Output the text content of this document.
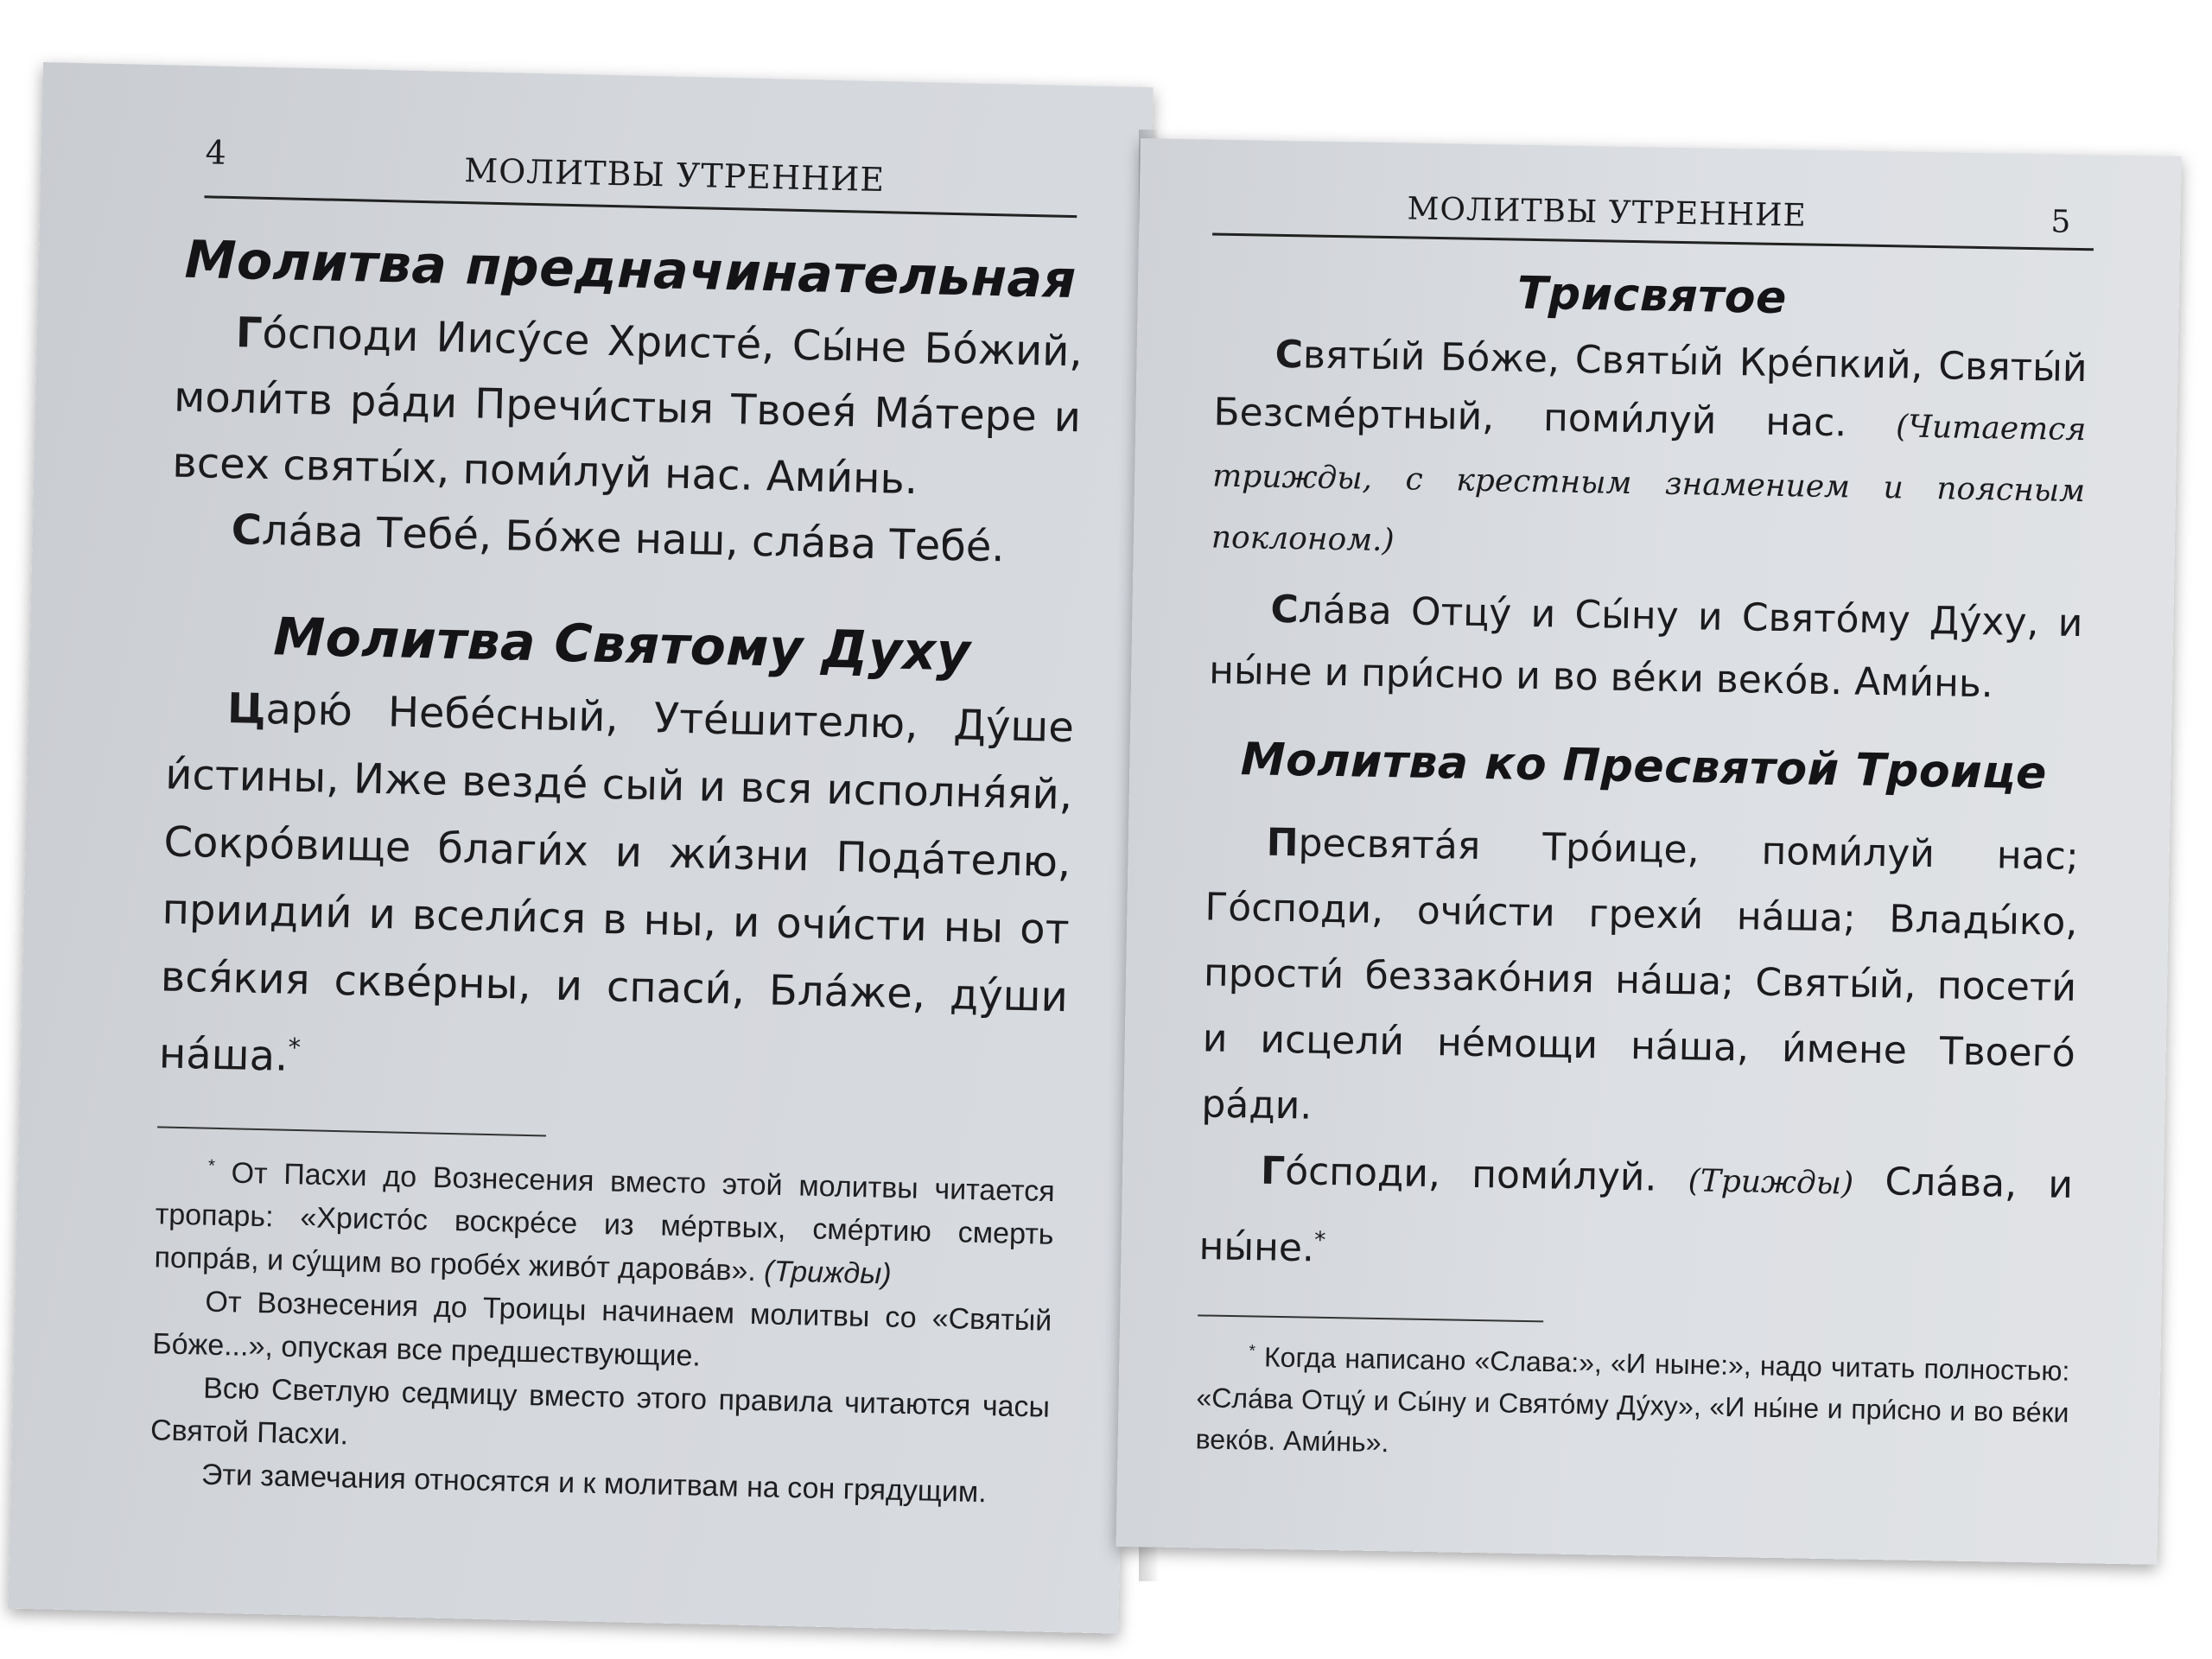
4	МОЛИТВЫ УТРЕННИЕ
Молитва предначинательная

Го́споди Иису́се Христе́, Сы́не Бо́жий, моли́тв ра́ди Пречи́стыя Твоея́ Ма́тере и всех святы́х, поми́луй нас. Ами́нь.

Сла́ва Тебе́, Бо́же наш, сла́ва Тебе́.

Молитва Святому Духу

Царю́ Небе́сный, Уте́шителю, Ду́ше и́стины, Иже везде́ сый и вся исполня́яй, Сокро́вище благи́х и жи́зни Пода́телю, приидии́ и всели́ся в ны, и очи́сти ны от вся́кия скве́рны, и спаси́, Бла́же, ду́ши на́ша.*

* От Пасхи до Вознесения вместо этой молитвы читается тропарь: «Христо́с воскре́се из ме́ртвых, сме́ртию смерть попра́в, и су́щим во гробе́х живо́т дарова́в». (Трижды)

От Вознесения до Троицы начинаем молитвы со «Святы́й Бо́же...», опуская все предшествующие.

Всю Светлую седмицу вместо этого правила читаются часы Святой Пасхи.

Эти замечания относятся и к молитвам на сон грядущим.

МОЛИТВЫ УТРЕННИЕ	5
Трисвятое

Святы́й Бо́же, Святы́й Кре́пкий, Святы́й Безсме́ртный, поми́луй нас. (Читается трижды, с крестным знамением и поясным поклоном.)

Сла́ва Отцу́ и Сы́ну и Свято́му Ду́ху, и ны́не и при́сно и во ве́ки веко́в. Ами́нь.

Молитва ко Пресвятой Троице

Пресвята́я Тро́ице, поми́луй нас; Го́споди, очи́сти грехи́ на́ша; Влады́ко, прости́ беззако́ния на́ша; Святы́й, посети́ и исцели́ не́мощи на́ша, и́мене Твоего́ ра́ди.

Го́споди, поми́луй. (Трижды) Сла́ва, и ны́не.*

* Когда написано «Слава:», «И ныне:», надо читать полностью: «Сла́ва Отцу́ и Сы́ну и Свято́му Ду́ху», «И ны́не и при́сно и во ве́ки веко́в. Ами́нь».
